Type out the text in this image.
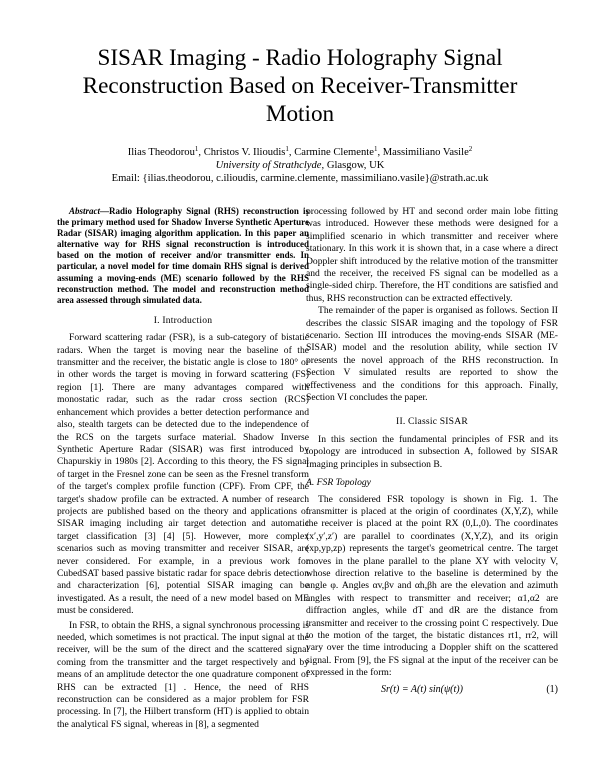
SISAR Imaging - Radio Holography Signal
Reconstruction Based on Receiver-Transmitter
Motion
Ilias Theodorou$^1$, Christos V. Ilioudis$^1$, Carmine Clemente$^1$, Massimiliano Vasile$^2$
University of Strathclyde, Glasgow, UK
Email: {ilias.theodorou, c.ilioudis, carmine.clemente, massimiliano.vasile}@strath.ac.uk

Abstract—Radio Holography Signal (RHS) reconstruction is the primary method used for Shadow Inverse Synthetic Aperture Radar (SISAR) imaging algorithm application. In this paper an alternative way for RHS signal reconstruction is introduced based on the motion of receiver and/or transmitter ends. In particular, a novel model for time domain RHS signal is derived assuming a moving-ends (ME) scenario followed by the RHS reconstruction method. The model and reconstruction method area assessed through simulated data.

I. Introduction

Forward scattering radar (FSR), is a sub-category of bistatic radars. When the target is moving near the baseline of the transmitter and the receiver, the bistatic angle is close to 180° or in other words the target is moving in forward scattering (FS) region [1]. There are many advantages compared with monostatic radar, such as the radar cross section (RCS) enhancement which provides a better detection performance and also, stealth targets can be detected due to the independence of the RCS on the targets surface material. Shadow Inverse Synthetic Aperture Radar (SISAR) was first introduced by Chapurskiy in 1980s [2]. According to this theory, the FS signal of target in the Fresnel zone can be seen as the Fresnel transform of the target's complex profile function (CPF). From CPF, the target's shadow profile can be extracted. A number of research projects are published based on the theory and applications of SISAR imaging including air target detection and automatic target classification [3] [4] [5]. However, more complex scenarios such as moving transmitter and receiver SISAR, are never considered. For example, in a previous work for CubedSAT based passive bistatic radar for space debris detection and characterization [6], potential SISAR imaging can be investigated. As a result, the need of a new model based on ME must be considered.

In FSR, to obtain the RHS, a signal synchronous processing is needed, which sometimes is not practical. The input signal at the receiver, will be the sum of the direct and the scattered signal coming from the transmitter and the target respectively and by means of an amplitude detector the one quadrature component of RHS can be extracted [1] . Hence, the need of RHS reconstruction can be considered as a major problem for FSR processing. In [7], the Hilbert transform (HT) is applied to obtain the analytical FS signal, whereas in [8], a segmented

processing followed by HT and second order main lobe fitting was introduced. However these methods were designed for a simplified scenario in which transmitter and receiver where stationary. In this work it is shown that, in a case where a direct Doppler shift introduced by the relative motion of the transmitter and the receiver, the received FS signal can be modelled as a single-sided chirp. Therefore, the HT conditions are satisfied and thus, RHS reconstruction can be extracted effectively.

The remainder of the paper is organised as follows. Section II describes the classic SISAR imaging and the topology of FSR scenario. Section III introduces the moving-ends SISAR (ME-SISAR) model and the resolution ability, while section IV presents the novel approach of the RHS reconstruction. In Section V simulated results are reported to show the effectiveness and the conditions for this approach. Finally, Section VI concludes the paper.

II. Classic SISAR

In this section the fundamental principles of FSR and its topology are introduced in subsection A, followed by SISAR Imaging principles in subsection B.

A. FSR Topology

The considered FSR topology is shown in Fig. 1. The transmitter is placed at the origin of coordinates (X,Y,Z), while the receiver is placed at the point RX (0,L,0). The coordinates (x′,y′,z′) are parallel to coordinates (X,Y,Z), and its origin (xp,yp,zp) represents the target's geometrical centre. The target moves in the plane parallel to the plane XY with velocity V, whose direction relative to the baseline is determined by the angle φ. Angles αv,βv and αh,βh are the elevation and azimuth angles with respect to transmitter and receiver; α1,α2 are diffraction angles, while dT and dR are the distance from transmitter and receiver to the crossing point C respectively. Due to the motion of the target, the bistatic distances rt1, rr2, will vary over the time introducing a Doppler shift on the scattered signal. From [9], the FS signal at the input of the receiver can be expressed in the form:

Sr(t) = A(t) sin(ψ(t))	(1)
